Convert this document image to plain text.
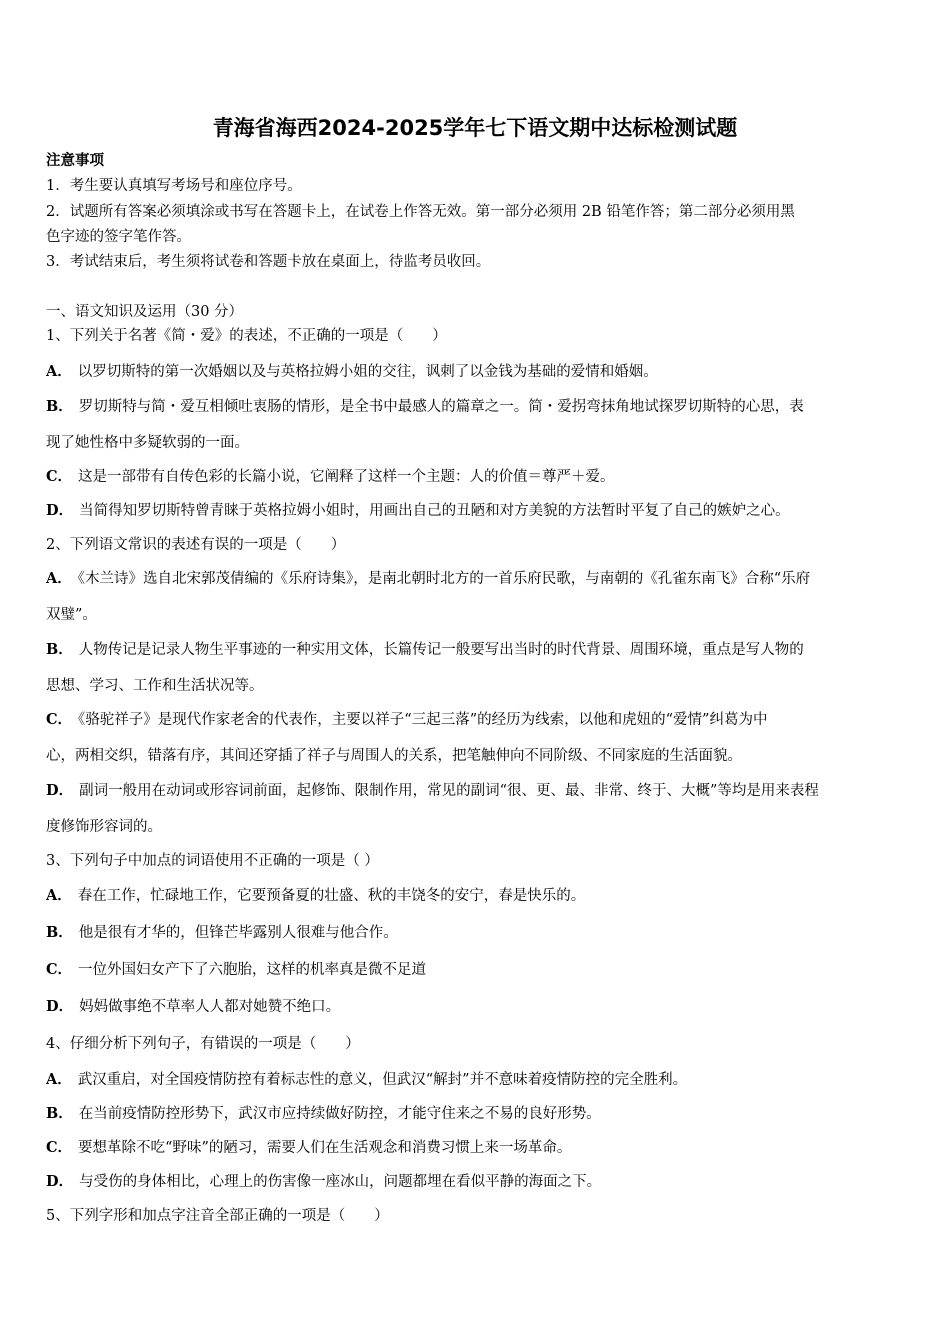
青海省海西2024-2025学年七下语文期中达标检测试题
注意事项
1．考生要认真填写考场号和座位序号。
2．试题所有答案必须填涂或书写在答题卡上，在试卷上作答无效。第一部分必须用 2B 铅笔作答；第二部分必须用黑
色字迹的签字笔作答。
3．考试结束后，考生须将试卷和答题卡放在桌面上，待监考员收回。
一、语文知识及运用（30 分）
1、下列关于名著《简・爱》的表述，不正确的一项是（　　）
A． 以罗切斯特的第一次婚姻以及与英格拉姆小姐的交往，讽刺了以金钱为基础的爱情和婚姻。
B． 罗切斯特与简・爱互相倾吐衷肠的情形，是全书中最感人的篇章之一。简・爱拐弯抹角地试探罗切斯特的心思，表
现了她性格中多疑软弱的一面。
C． 这是一部带有自传色彩的长篇小说，它阐释了这样一个主题：人的价值＝尊严＋爱。
D． 当简得知罗切斯特曾青睐于英格拉姆小姐时，用画出自己的丑陋和对方美貌的方法暂时平复了自己的嫉妒之心。
2、下列语文常识的表述有误的一项是（　　）
A． 《木兰诗》选自北宋郭茂倩编的《乐府诗集》，是南北朝时北方的一首乐府民歌，与南朝的《孔雀东南飞》合称“乐府
双璧”。
B． 人物传记是记录人物生平事迹的一种实用文体，长篇传记一般要写出当时的时代背景、周围环境，重点是写人物的
思想、学习、工作和生活状况等。
C． 《骆驼祥子》是现代作家老舍的代表作，主要以祥子“三起三落”的经历为线索，以他和虎妞的“爱情”纠葛为中
心，两相交织，错落有序，其间还穿插了祥子与周围人的关系，把笔触伸向不同阶级、不同家庭的生活面貌。
D． 副词一般用在动词或形容词前面，起修饰、限制作用，常见的副词“很、更、最、非常、终于、大概”等均是用来表程
度修饰形容词的。
3、下列句子中加点的词语使用不正确的一项是（ ）
A． 春在工作，忙碌地工作，它要预备夏的壮盛、秋的丰饶冬的安宁，春是快乐的。
B． 他是很有才华的，但锋芒毕露别人很难与他合作。
C． 一位外国妇女产下了六胞胎，这样的机率真是微不足道
D． 妈妈做事绝不草率人人都对她赞不绝口。
4、仔细分析下列句子，有错误的一项是（　　）
A． 武汉重启，对全国疫情防控有着标志性的意义，但武汉“解封”并不意味着疫情防控的完全胜利。
B． 在当前疫情防控形势下，武汉市应持续做好防控，才能守住来之不易的良好形势。
C． 要想革除不吃“野味”的陋习，需要人们在生活观念和消费习惯上来一场革命。
D． 与受伤的身体相比，心理上的伤害像一座冰山，问题都埋在看似平静的海面之下。
5、下列字形和加点字注音全部正确的一项是（　　）
